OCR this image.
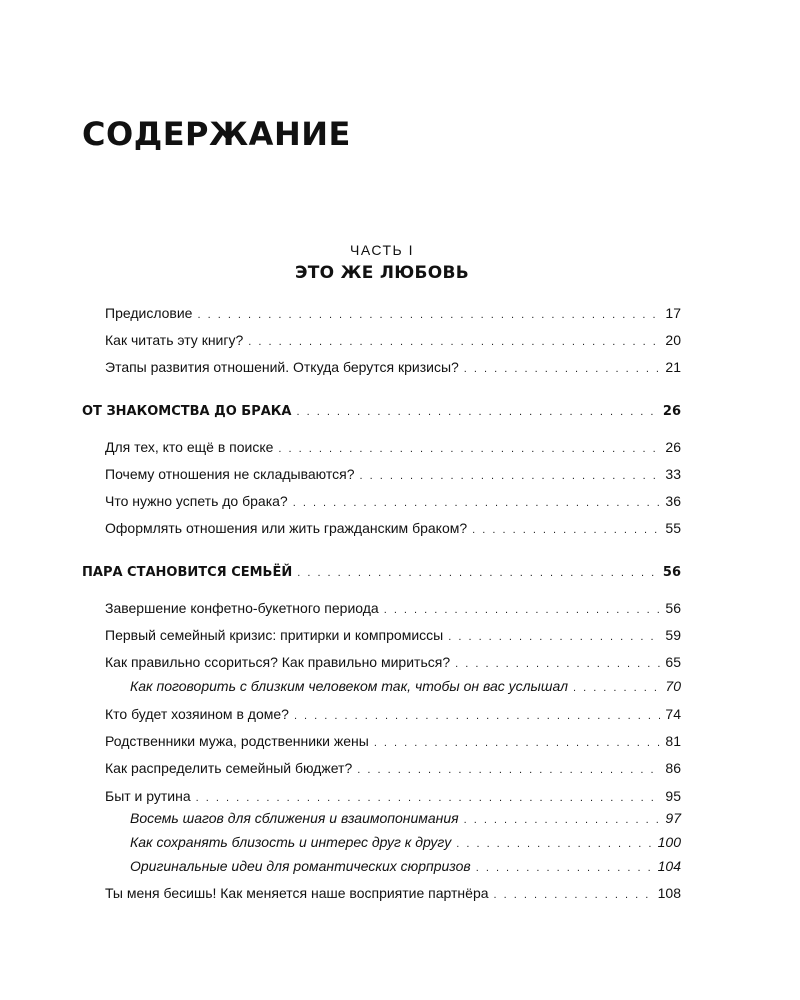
СОДЕРЖАНИЕ
ЧАСТЬ I
ЭТО ЖЕ ЛЮБОВЬ
Предисловие . . .	17
Как читать эту книгу? . . .	20
Этапы развития отношений. Откуда берутся кризисы? . . .	21
ОТ ЗНАКОМСТВА ДО БРАКА . . .	26
Для тех, кто ещё в поиске . . .	26
Почему отношения не складываются? . . .	33
Что нужно успеть до брака? . . .	36
Оформлять отношения или жить гражданским браком? . . .	55
ПАРА СТАНОВИТСЯ СЕМЬЁЙ . . .	56
Завершение конфетно-букетного периода . . .	56
Первый семейный кризис: притирки и компромиссы . . .	59
Как правильно ссориться? Как правильно мириться? . . .	65
Как поговорить с близким человеком так, чтобы он вас услышал . . .	70
Кто будет хозяином в доме? . . .	74
Родственники мужа, родственники жены . . .	81
Как распределить семейный бюджет? . . .	86
Быт и рутина . . .	95
Восемь шагов для сближения и взаимопонимания . . .	97
Как сохранять близость и интерес друг к другу . . .	100
Оригинальные идеи для романтических сюрпризов . . .	104
Ты меня бесишь! Как меняется наше восприятие партнёра . . .	108
